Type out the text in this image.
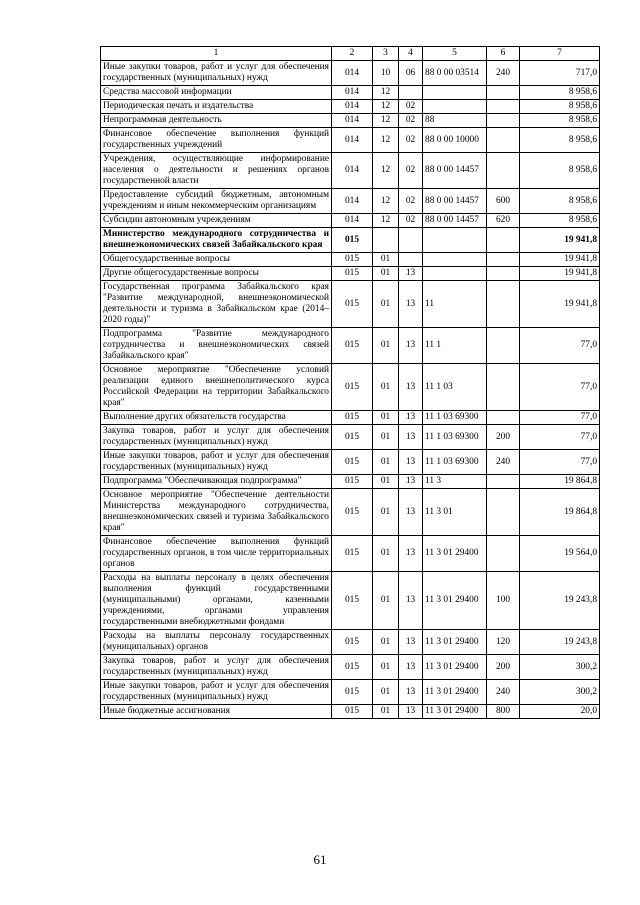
1	2	3	4	5	6	7
Иные закупки товаров, работ и услуг для обеспечения государственных (муниципальных) нужд	014	10	06	88 0 00 03514	240	717,0
Средства массовой информации	014	12				8 958,6
Периодическая печать и издательства	014	12	02			8 958,6
Непрограммная деятельность	014	12	02	88		8 958,6
Финансовое обеспечение выполнения функций государственных учреждений	014	12	02	88 0 00 10000		8 958,6
Учреждения, осуществляющие информирование населения о деятельности и решениях органов государственной власти	014	12	02	88 0 00 14457		8 958,6
Предоставление субсидий бюджетным, автономным учреждениям и иным некоммерческим организациям	014	12	02	88 0 00 14457	600	8 958,6
Субсидии автономным учреждениям	014	12	02	88 0 00 14457	620	8 958,6
Министерство международного сотрудничества и внешнеэкономических связей Забайкальского края	015					19 941,8
Общегосударственные вопросы	015	01				19 941,8
Другие общегосударственные вопросы	015	01	13			19 941,8
Государственная программа Забайкальского края "Развитие международной, внешнеэкономической деятельности и туризма в Забайкальском крае (2014–2020 годы)"	015	01	13	11		19 941,8
Подпрограмма "Развитие международного сотрудничества и внешнеэкономических связей Забайкальского края"	015	01	13	11 1		77,0
Основное мероприятие "Обеспечение условий реализации единого внешнеполитического курса Российской Федерации на территории Забайкальского края"	015	01	13	11 1 03		77,0
Выполнение других обязательств государства	015	01	13	11 1 03 69300		77,0
Закупка товаров, работ и услуг для обеспечения государственных (муниципальных) нужд	015	01	13	11 1 03 69300	200	77,0
Иные закупки товаров, работ и услуг для обеспечения государственных (муниципальных) нужд	015	01	13	11 1 03 69300	240	77,0
Подпрограмма "Обеспечивающая подпрограмма"	015	01	13	11 3		19 864,8
Основное мероприятие "Обеспечение деятельности Министерства международного сотрудничества, внешнеэкономических связей и туризма Забайкальского края"	015	01	13	11 3 01		19 864,8
Финансовое обеспечение выполнения функций государственных органов, в том числе территориальных органов	015	01	13	11 3 01 29400		19 564,0
Расходы на выплаты персоналу в целях обеспечения выполнения функций государственными (муниципальными) органами, казенными учреждениями, органами управления государственными внебюджетными фондами	015	01	13	11 3 01 29400	100	19 243,8
Расходы на выплаты персоналу государственных (муниципальных) органов	015	01	13	11 3 01 29400	120	19 243,8
Закупка товаров, работ и услуг для обеспечения государственных (муниципальных) нужд	015	01	13	11 3 01 29400	200	300,2
Иные закупки товаров, работ и услуг для обеспечения государственных (муниципальных) нужд	015	01	13	11 3 01 29400	240	300,2
Иные бюджетные ассигнования	015	01	13	11 3 01 29400	800	20,0
61
